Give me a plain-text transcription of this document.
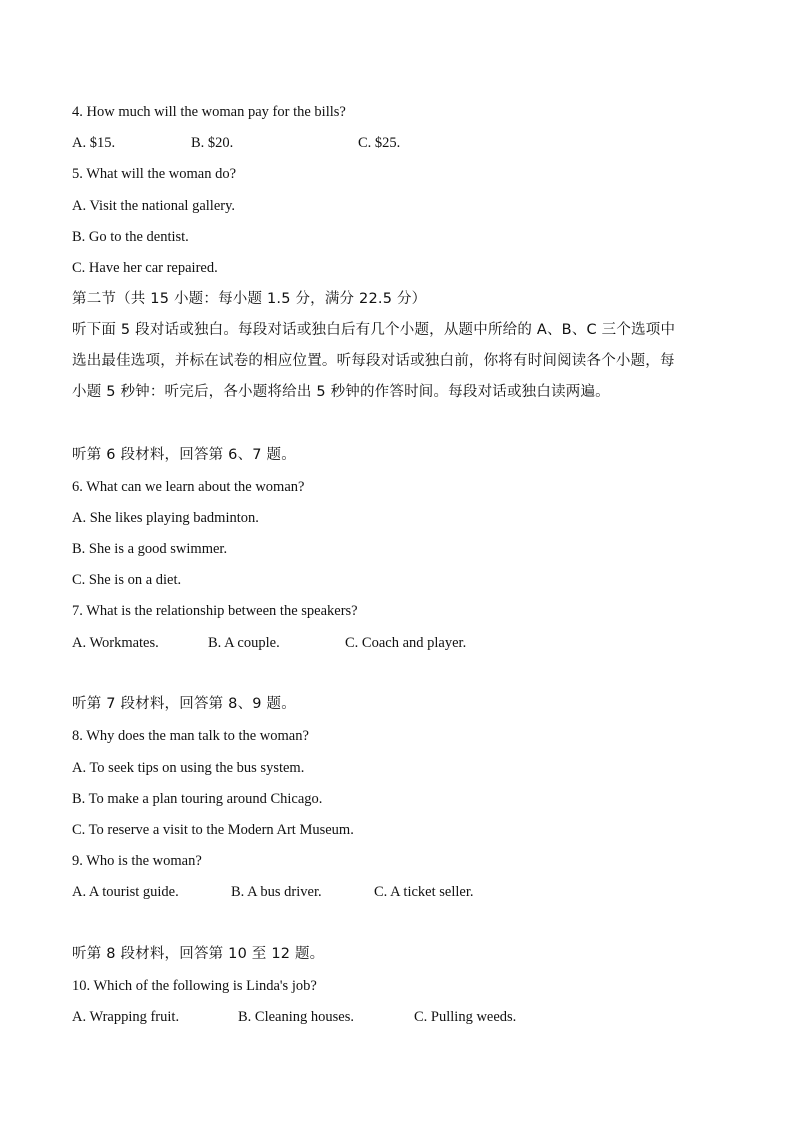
4. How much will the woman pay for the bills?
A. $15.	B. $20.	C. $25.
5. What will the woman do?
A. Visit the national gallery.
B. Go to the dentist.
C. Have her car repaired.
第二节（共 15 小题：每小题 1.5 分，满分 22.5 分）
听下面 5 段对话或独白。每段对话或独白后有几个小题，从题中所给的 A、B、C 三个选项中
选出最佳选项，并标在试卷的相应位置。听每段对话或独白前，你将有时间阅读各个小题，每
小题 5 秒钟：听完后，各小题将给出 5 秒钟的作答时间。每段对话或独白读两遍。
听第 6 段材料，回答第 6、7 题。
6. What can we learn about the woman?
A. She likes playing badminton.
B. She is a good swimmer.
C. She is on a diet.
7. What is the relationship between the speakers?
A. Workmates.	B. A couple.	C. Coach and player.
听第 7 段材料，回答第 8、9 题。
8. Why does the man talk to the woman?
A. To seek tips on using the bus system.
B. To make a plan touring around Chicago.
C. To reserve a visit to the Modern Art Museum.
9. Who is the woman?
A. A tourist guide.	B. A bus driver.	C. A ticket seller.
听第 8 段材料，回答第 10 至 12 题。
10. Which of the following is Linda's job?
A. Wrapping fruit.	B. Cleaning houses.	C. Pulling weeds.
